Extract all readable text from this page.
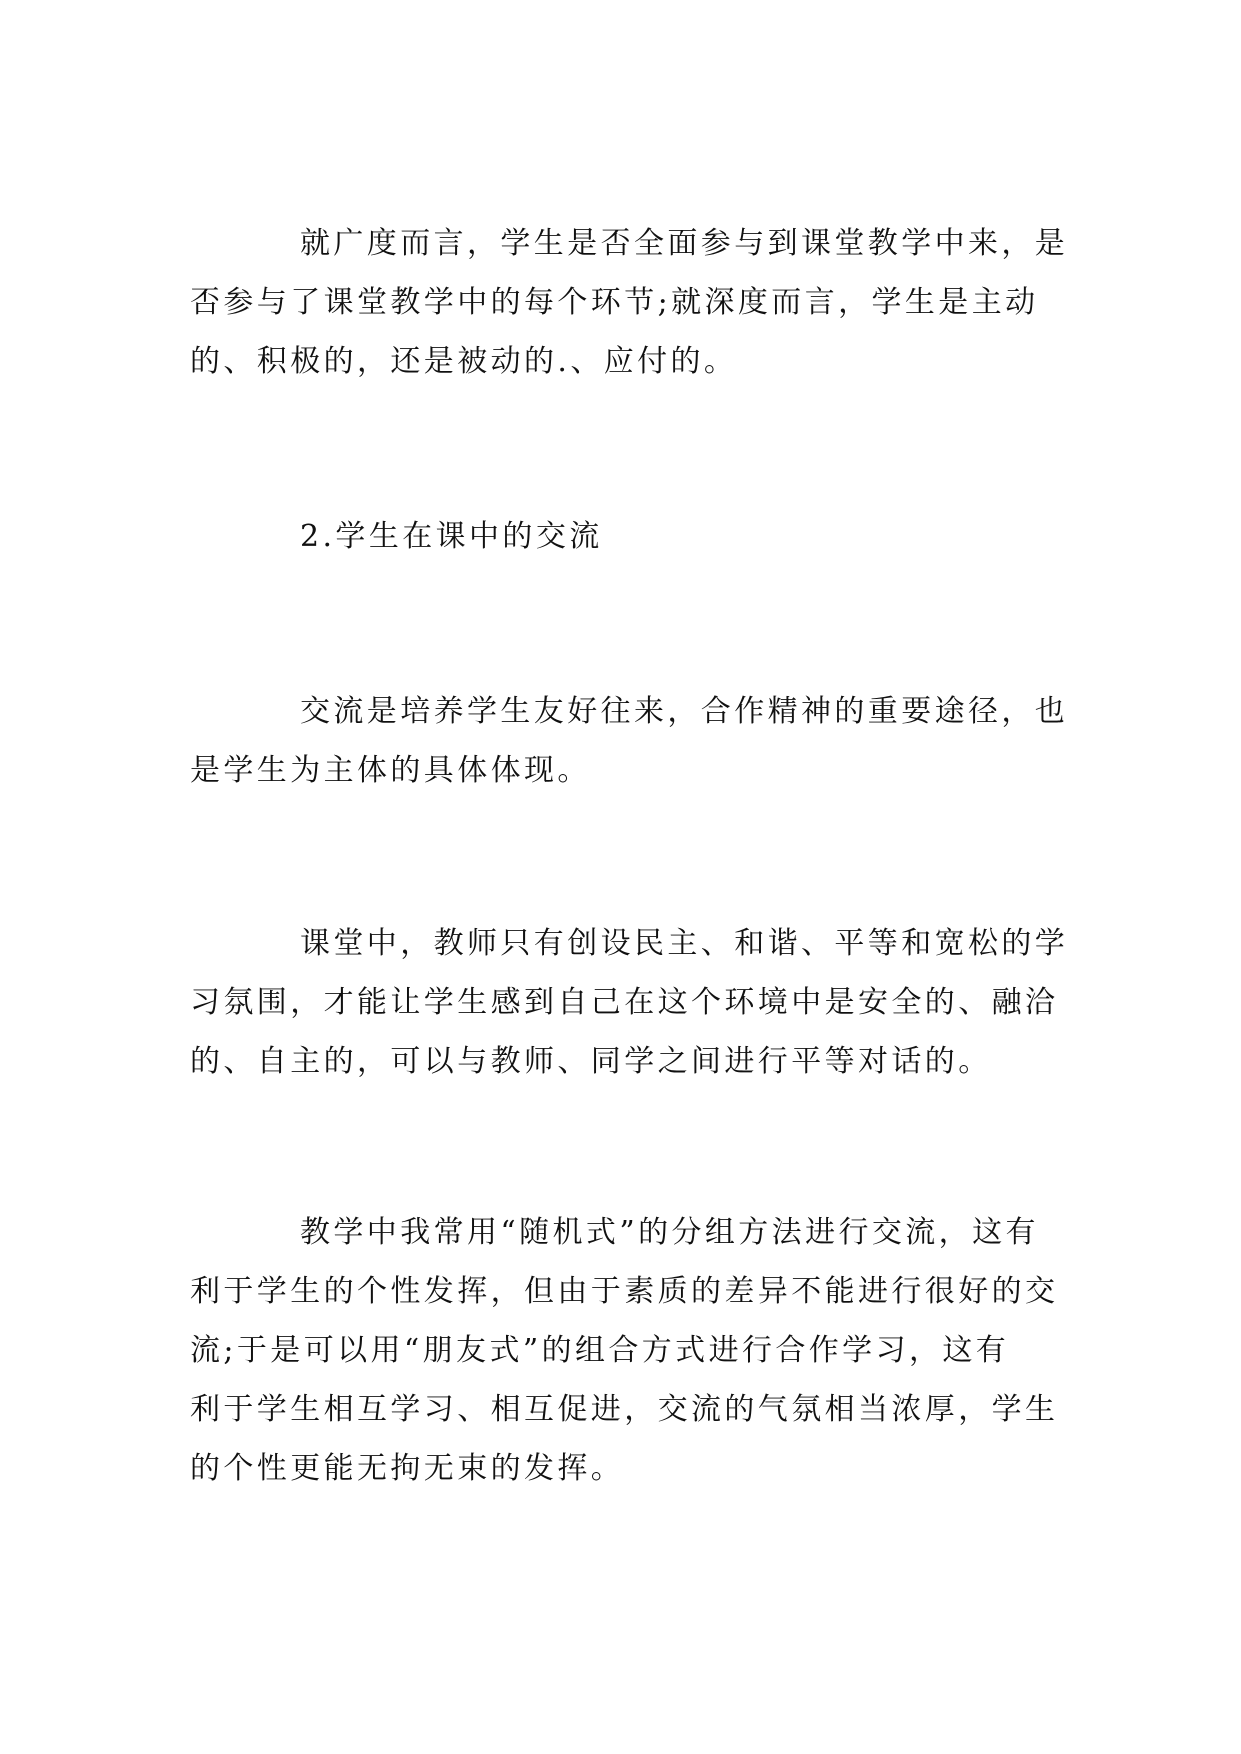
就广度而言，学生是否全面参与到课堂教学中来，是
否参与了课堂教学中的每个环节;就深度而言，学生是主动
的、积极的，还是被动的.、应付的。

2.学生在课中的交流

交流是培养学生友好往来，合作精神的重要途径，也
是学生为主体的具体体现。

课堂中，教师只有创设民主、和谐、平等和宽松的学
习氛围，才能让学生感到自己在这个环境中是安全的、融洽
的、自主的，可以与教师、同学之间进行平等对话的。

教学中我常用“随机式”的分组方法进行交流，这有
利于学生的个性发挥，但由于素质的差异不能进行很好的交
流;于是可以用“朋友式”的组合方式进行合作学习，这有
利于学生相互学习、相互促进，交流的气氛相当浓厚，学生
的个性更能无拘无束的发挥。
